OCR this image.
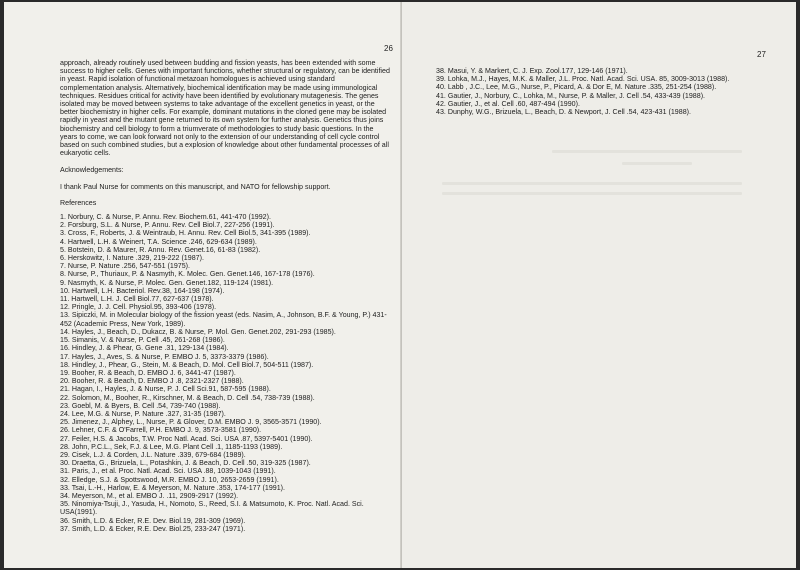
26

approach, already routinely used between budding and fission yeasts, has been extended with some success to higher cells. Genes with important functions, whether structural or regulatory, can be identified in yeast. Rapid isolation of functional metazoan homologues is achieved using standard complementation analysis. Alternatively, biochemical identification may be made using immunological techniques. Residues critical for activity have been identified by evolutionary mutagenesis. The genes isolated may be moved between systems to take advantage of the excellent genetics in yeast, or the better biochemistry in higher cells. For example, dominant mutations in the cloned gene may be isolated rapidly in yeast and the mutant gene returned to its own system for further analysis. Genetics thus joins biochemistry and cell biology to form a triumverate of methodologies to study basic questions. In the years to come, we can look forward not only to the extension of our understanding of cell cycle control based on such combined studies, but a explosion of knowledge about other fundamental processes of all eukaryotic cells.

Acknowledgements:

I thank Paul Nurse for comments on this manuscript, and NATO for fellowship support.

References

1. Norbury, C. & Nurse, P. Annu. Rev. Biochem.61, 441-470 (1992).
2. Forsburg, S.L. & Nurse, P. Annu. Rev. Cell Biol.7, 227-256 (1991).
3. Cross, F., Roberts, J. & Weintraub, H. Annu. Rev. Cell Biol.5, 341-395 (1989).
4. Hartwell, L.H. & Weinert, T.A. Science .246, 629-634 (1989).
5. Botstein, D. & Maurer, R. Annu. Rev. Genet.16, 61-83 (1982).
6. Herskowitz, I. Nature .329, 219-222 (1987).
7. Nurse, P. Nature .256, 547-551 (1975).
8. Nurse, P., Thuriaux, P. & Nasmyth, K. Molec. Gen. Genet.146, 167-178 (1976).
9. Nasmyth, K. & Nurse, P. Molec. Gen. Genet.182, 119-124 (1981).
10. Hartwell, L.H. Bacteriol. Rev.38, 164-198 (1974).
11. Hartwell, L.H. J. Cell Biol.77, 627-637 (1978).
12. Pringle, J. J. Cell. Physiol.95, 393-406 (1978).
13. Sipiczki, M. in Molecular biology of the fission yeast (eds. Nasim, A., Johnson, B.F. & Young, P.) 431-452 (Academic Press, New York, 1989).
14. Hayles, J., Beach, D., Dukacz, B. & Nurse, P. Mol. Gen. Genet.202, 291-293 (1985).
15. Simanis, V. & Nurse, P. Cell .45, 261-268 (1986).
16. Hindley, J. & Phear, G. Gene .31, 129-134 (1984).
17. Hayles, J., Aves, S. & Nurse, P. EMBO J. 5, 3373-3379 (1986).
18. Hindley, J., Phear, G., Stein, M. & Beach, D. Mol. Cell Biol.7, 504-511 (1987).
19. Booher, R. & Beach, D. EMBO J. 6, 3441-47 (1987).
20. Booher, R. & Beach, D. EMBO J .8, 2321-2327 (1988).
21. Hagan, I., Hayles, J. & Nurse, P. J. Cell Sci.91, 587-595 (1988).
22. Solomon, M., Booher, R., Kirschner, M. & Beach, D. Cell .54, 738-739 (1988).
23. Goebl, M. & Byers, B. Cell .54, 739-740 (1988).
24. Lee, M.G. & Nurse, P. Nature .327, 31-35 (1987).
25. Jimenez, J., Alphey, L., Nurse, P. & Glover, D.M. EMBO J. 9, 3565-3571 (1990).
26. Lehner, C.F. & O'Farrell, P.H. EMBO J. 9, 3573-3581 (1990).
27. Feiler, H.S. & Jacobs, T.W. Proc Natl. Acad. Sci. USA .87, 5397-5401 (1990).
28. John, P.C.L., Sek, F.J. & Lee, M.G. Plant Cell .1, 1185-1193 (1989).
29. Cisek, L.J. & Corden, J.L. Nature .339, 679-684 (1989).
30. Draetta, G., Brizuela, L., Potashkin, J. & Beach, D. Cell .50, 319-325 (1987).
31. Paris, J., et al. Proc. Natl. Acad. Sci. USA .88, 1039-1043 (1991).
32. Elledge, S.J. & Spottswood, M.R. EMBO J. 10, 2653-2659 (1991).
33. Tsai, L.-H., Harlow, E. & Meyerson, M. Nature .353, 174-177 (1991).
34. Meyerson, M., et al. EMBO J. .11, 2909-2917 (1992).
35. Ninomiya-Tsuji, J., Yasuda, H., Nomoto, S., Reed, S.I. & Matsumoto, K. Proc. Natl. Acad. Sci. USA(1991).
36. Smith, L.D. & Ecker, R.E. Dev. Biol.19, 281-309 (1969).
37. Smith, L.D. & Ecker, R.E. Dev. Biol.25, 233-247 (1971).
27
38. Masui, Y. & Markert, C. J. Exp. Zool.177, 129-146 (1971).
39. Lohka, M.J., Hayes, M.K. & Maller, J.L. Proc. Natl. Acad. Sci. USA. 85, 3009-3013 (1988).
40. Labb , J.C., Lee, M.G., Nurse, P., Picard, A. & Dor E, M. Nature .335, 251-254 (1988).
41. Gautier, J., Norbury, C., Lohka, M., Nurse, P. & Maller, J. Cell .54, 433-439 (1988).
42. Gautier, J., et al. Cell .60, 487-494 (1990).
43. Dunphy, W.G., Brizuela, L., Beach, D. & Newport, J. Cell .54, 423-431 (1988).
